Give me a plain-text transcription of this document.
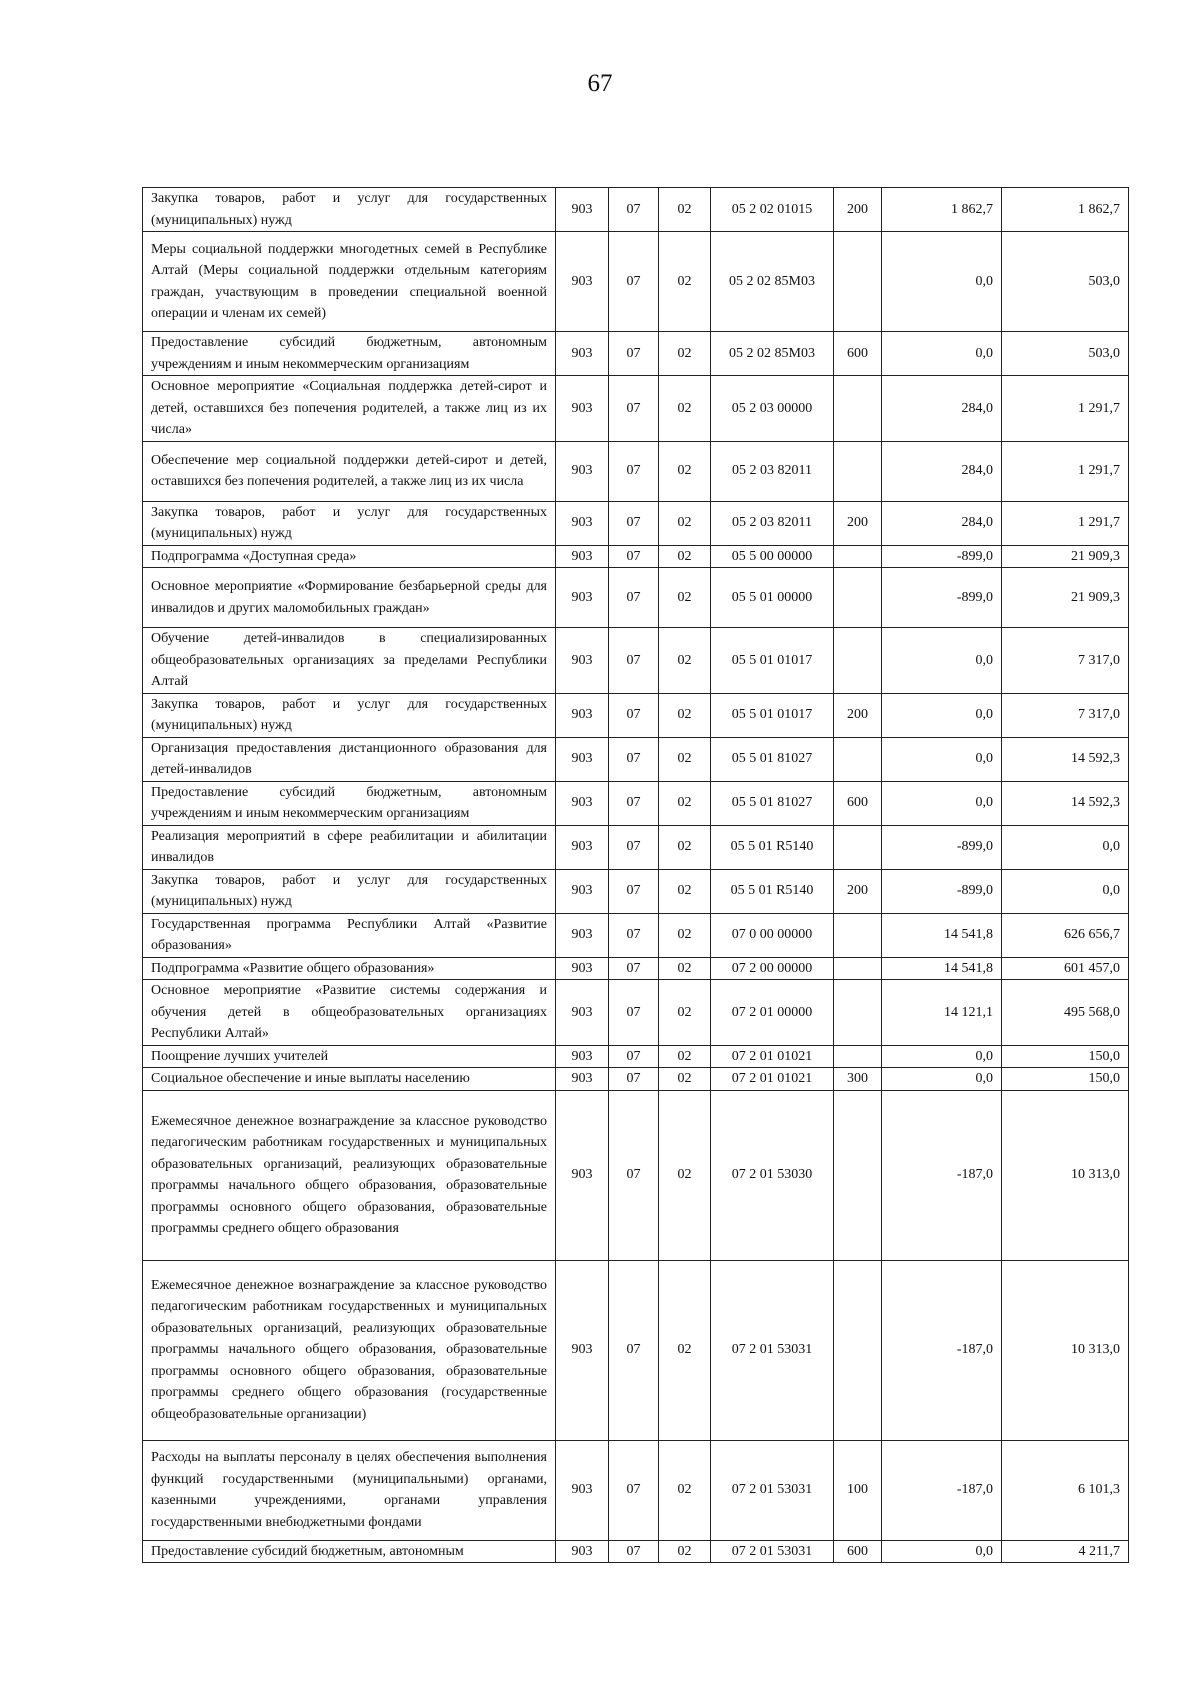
67
Закупка товаров, работ и услуг для государственных (муниципальных) нужд	903	07	02	05 2 02 01015	200	1 862,7	1 862,7
Меры социальной поддержки многодетных семей в Республике Алтай (Меры социальной поддержки отдельным категориям граждан, участвующим в проведении специальной военной операции и членам их семей)	903	07	02	05 2 02 85М03		0,0	503,0
Предоставление субсидий бюджетным, автономным учреждениям и иным некоммерческим организациям	903	07	02	05 2 02 85М03	600	0,0	503,0
Основное мероприятие «Социальная поддержка детей-сирот и детей, оставшихся без попечения родителей, а также лиц из их числа»	903	07	02	05 2 03 00000		284,0	1 291,7
Обеспечение мер социальной поддержки детей-сирот и детей, оставшихся без попечения родителей, а также лиц из их числа	903	07	02	05 2 03 82011		284,0	1 291,7
Закупка товаров, работ и услуг для государственных (муниципальных) нужд	903	07	02	05 2 03 82011	200	284,0	1 291,7
Подпрограмма «Доступная среда»	903	07	02	05 5 00 00000		-899,0	21 909,3
Основное мероприятие «Формирование безбарьерной среды для инвалидов и других маломобильных граждан»	903	07	02	05 5 01 00000		-899,0	21 909,3
Обучение детей-инвалидов в специализированных общеобразовательных организациях за пределами Республики Алтай	903	07	02	05 5 01 01017		0,0	7 317,0
Закупка товаров, работ и услуг для государственных (муниципальных) нужд	903	07	02	05 5 01 01017	200	0,0	7 317,0
Организация предоставления дистанционного образования для детей-инвалидов	903	07	02	05 5 01 81027		0,0	14 592,3
Предоставление субсидий бюджетным, автономным учреждениям и иным некоммерческим организациям	903	07	02	05 5 01 81027	600	0,0	14 592,3
Реализация мероприятий в сфере реабилитации и абилитации инвалидов	903	07	02	05 5 01 R5140		-899,0	0,0
Закупка товаров, работ и услуг для государственных (муниципальных) нужд	903	07	02	05 5 01 R5140	200	-899,0	0,0
Государственная программа Республики Алтай «Развитие образования»	903	07	02	07 0 00 00000		14 541,8	626 656,7
Подпрограмма «Развитие общего образования»	903	07	02	07 2 00 00000		14 541,8	601 457,0
Основное мероприятие «Развитие системы содержания и обучения детей в общеобразовательных организациях Республики Алтай»	903	07	02	07 2 01 00000		14 121,1	495 568,0
Поощрение лучших учителей	903	07	02	07 2 01 01021		0,0	150,0
Социальное обеспечение и иные выплаты населению	903	07	02	07 2 01 01021	300	0,0	150,0
Ежемесячное денежное вознаграждение за классное руководство педагогическим работникам государственных и муниципальных образовательных организаций, реализующих образовательные программы начального общего образования, образовательные программы основного общего образования, образовательные программы среднего общего образования	903	07	02	07 2 01 53030		-187,0	10 313,0
Ежемесячное денежное вознаграждение за классное руководство педагогическим работникам государственных и муниципальных образовательных организаций, реализующих образовательные программы начального общего образования, образовательные программы основного общего образования, образовательные программы среднего общего образования (государственные общеобразовательные организации)	903	07	02	07 2 01 53031		-187,0	10 313,0
Расходы на выплаты персоналу в целях обеспечения выполнения функций государственными (муниципальными) органами, казенными учреждениями, органами управления государственными внебюджетными фондами	903	07	02	07 2 01 53031	100	-187,0	6 101,3
Предоставление субсидий бюджетным, автономным	903	07	02	07 2 01 53031	600	0,0	4 211,7
